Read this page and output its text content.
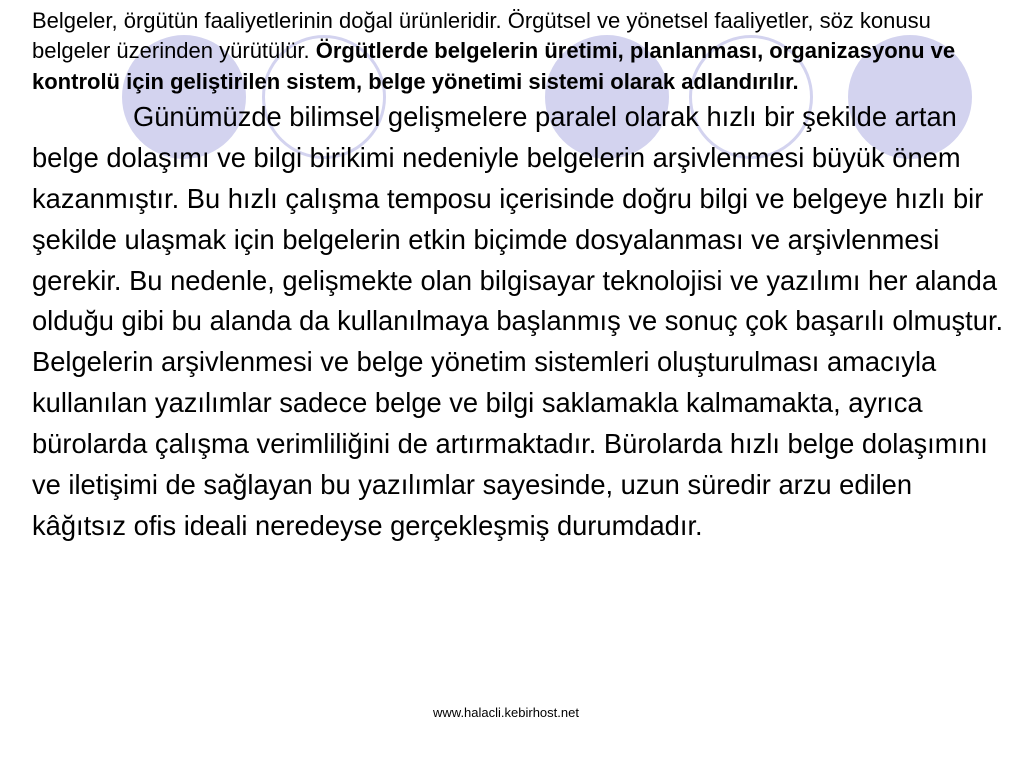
Belgeler, örgütün faaliyetlerinin doğal ürünleridir. Örgütsel ve yönetsel faaliyetler, söz konusu belgeler üzerinden yürütülür. Örgütlerde belgelerin üretimi, planlanması, organizasyonu ve kontrolü için geliştirilen sistem, belge yönetimi sistemi olarak adlandırılır.

Günümüzde bilimsel gelişmelere paralel olarak hızlı bir şekilde artan belge dolaşımı ve bilgi birikimi nedeniyle belgelerin arşivlenmesi büyük önem kazanmıştır. Bu hızlı çalışma temposu içerisinde doğru bilgi ve belgeye hızlı bir şekilde ulaşmak için belgelerin etkin biçimde dosyalanması ve arşivlenmesi gerekir. Bu nedenle, gelişmekte olan bilgisayar teknolojisi ve yazılımı her alanda olduğu gibi bu alanda da kullanılmaya başlanmış ve sonuç çok başarılı olmuştur. Belgelerin arşivlenmesi ve belge yönetim sistemleri oluşturulması amacıyla kullanılan yazılımlar sadece belge ve bilgi saklamakla kalmamakta, ayrıca bürolarda çalışma verimliliğini de artırmaktadır. Bürolarda hızlı belge dolaşımını ve iletişimi de sağlayan bu yazılımlar sayesinde, uzun süredir arzu edilen kâğıtsız ofis ideali neredeyse gerçekleşmiş durumdadır.

www.halacli.kebirhost.net
